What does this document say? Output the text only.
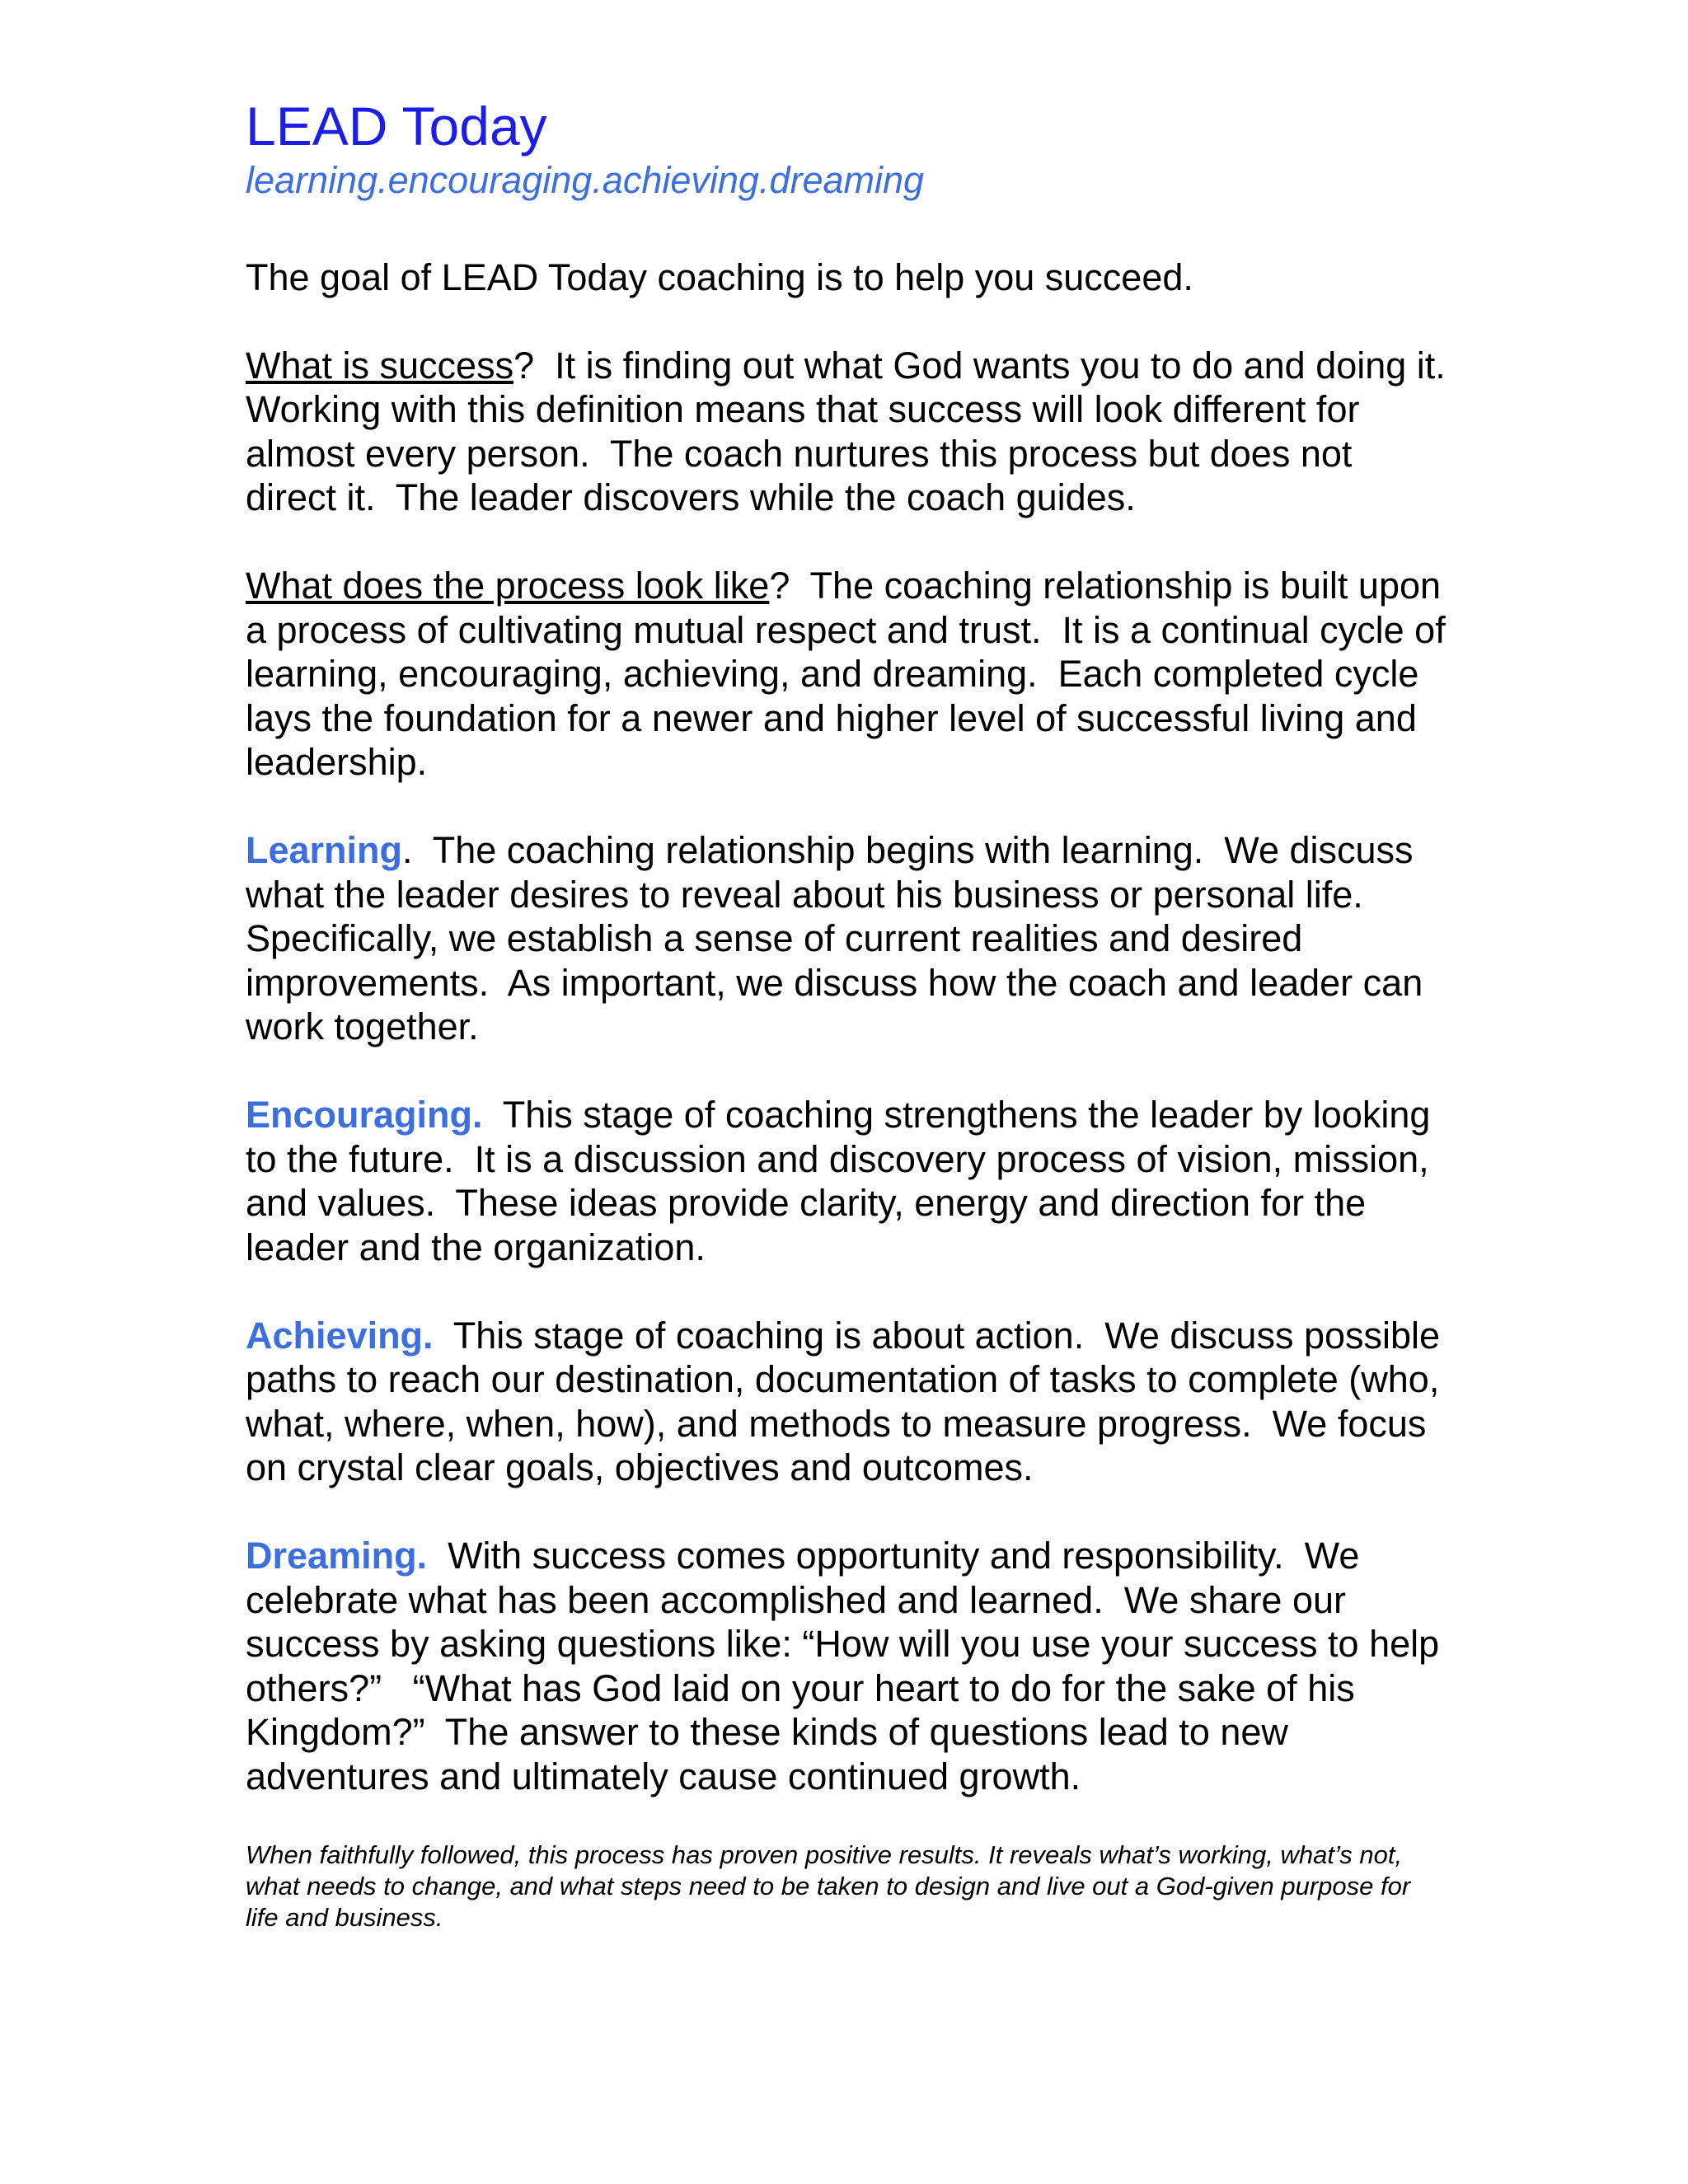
LEAD Today

learning.encouraging.achieving.dreaming

The goal of LEAD Today coaching is to help you succeed.

What is success?  It is finding out what God wants you to do and doing it.  Working with this definition means that success will look different for almost every person.  The coach nurtures this process but does not direct it.  The leader discovers while the coach guides.

What does the process look like?  The coaching relationship is built upon a process of cultivating mutual respect and trust.  It is a continual cycle of learning, encouraging, achieving, and dreaming.  Each completed cycle lays the foundation for a newer and higher level of successful living and leadership.

Learning.  The coaching relationship begins with learning.  We discuss what the leader desires to reveal about his business or personal life. Specifically, we establish a sense of current realities and desired improvements.  As important, we discuss how the coach and leader can work together.

Encouraging.  This stage of coaching strengthens the leader by looking to the future.  It is a discussion and discovery process of vision, mission, and values.  These ideas provide clarity, energy and direction for the leader and the organization.

Achieving.  This stage of coaching is about action.  We discuss possible paths to reach our destination, documentation of tasks to complete (who, what, where, when, how), and methods to measure progress.  We focus on crystal clear goals, objectives and outcomes.

Dreaming.  With success comes opportunity and responsibility.  We celebrate what has been accomplished and learned.  We share our success by asking questions like: “How will you use your success to help others?”   “What has God laid on your heart to do for the sake of his Kingdom?”  The answer to these kinds of questions lead to new adventures and ultimately cause continued growth.

When faithfully followed, this process has proven positive results. It reveals what’s working, what’s not, what needs to change, and what steps need to be taken to design and live out a God-given purpose for life and business.
